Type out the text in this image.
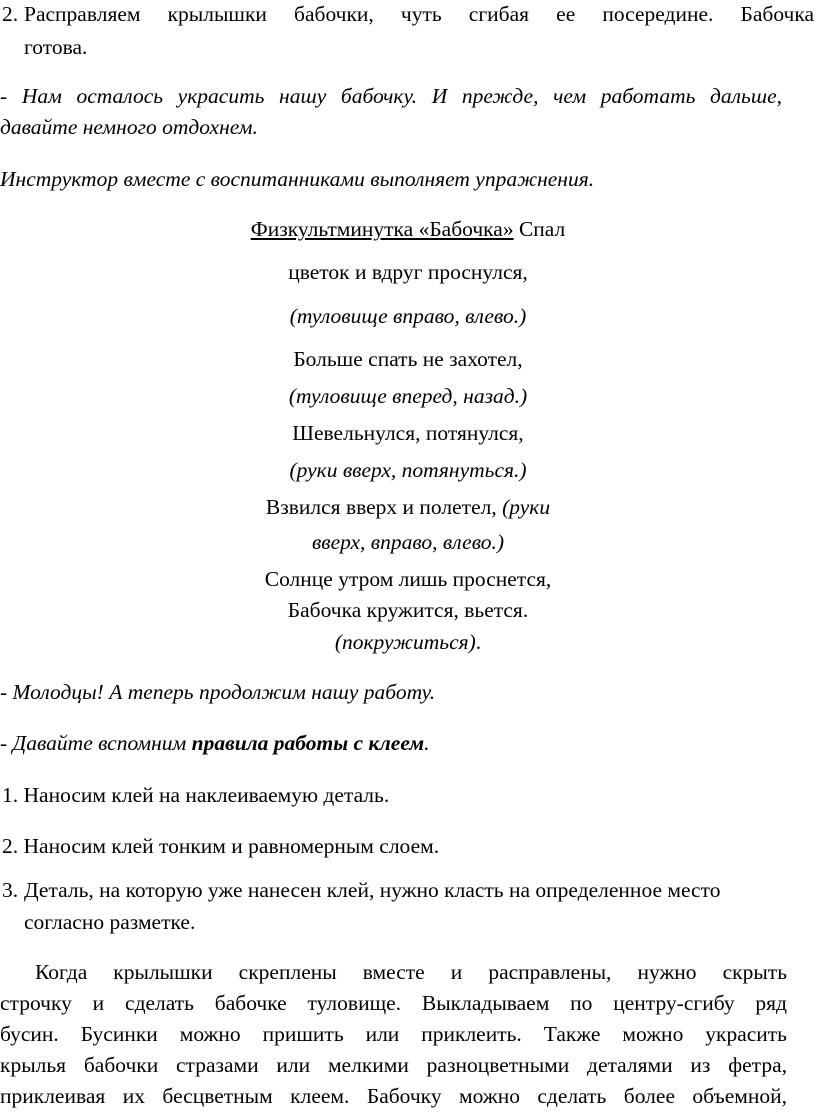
2. Расправляем крылышки бабочки, чуть сгибая ее посередине. Бабочка
готова.
- Нам осталось украсить нашу бабочку. И прежде, чем работать дальше,
давайте немного отдохнем.
Инструктор вместе с воспитанниками выполняет упражнения.
Физкультминутка «Бабочка» Спал
цветок и вдруг проснулся,
(туловище вправо, влево.)
Больше спать не захотел,
(туловище вперед, назад.)
Шевельнулся, потянулся,
(руки вверх, потянуться.)
Взвился вверх и полетел, (руки
вверх, вправо, влево.)
Солнце утром лишь проснется,
Бабочка кружится, вьется.
(покружиться).
- Молодцы! А теперь продолжим нашу работу.
- Давайте вспомним правила работы с клеем.
1. Наносим клей на наклеиваемую деталь.
2. Наносим клей тонким и равномерным слоем.
3. Деталь, на которую уже нанесен клей, нужно класть на определенное место
согласно разметке.
Когда крылышки скреплены вместе и расправлены, нужно скрыть
строчку и сделать бабочке туловище. Выкладываем по центру-сгибу ряд
бусин. Бусинки можно пришить или приклеить. Также можно украсить
крылья бабочки стразами или мелкими разноцветными деталями из фетра,
приклеивая их бесцветным клеем. Бабочку можно сделать более объемной,
